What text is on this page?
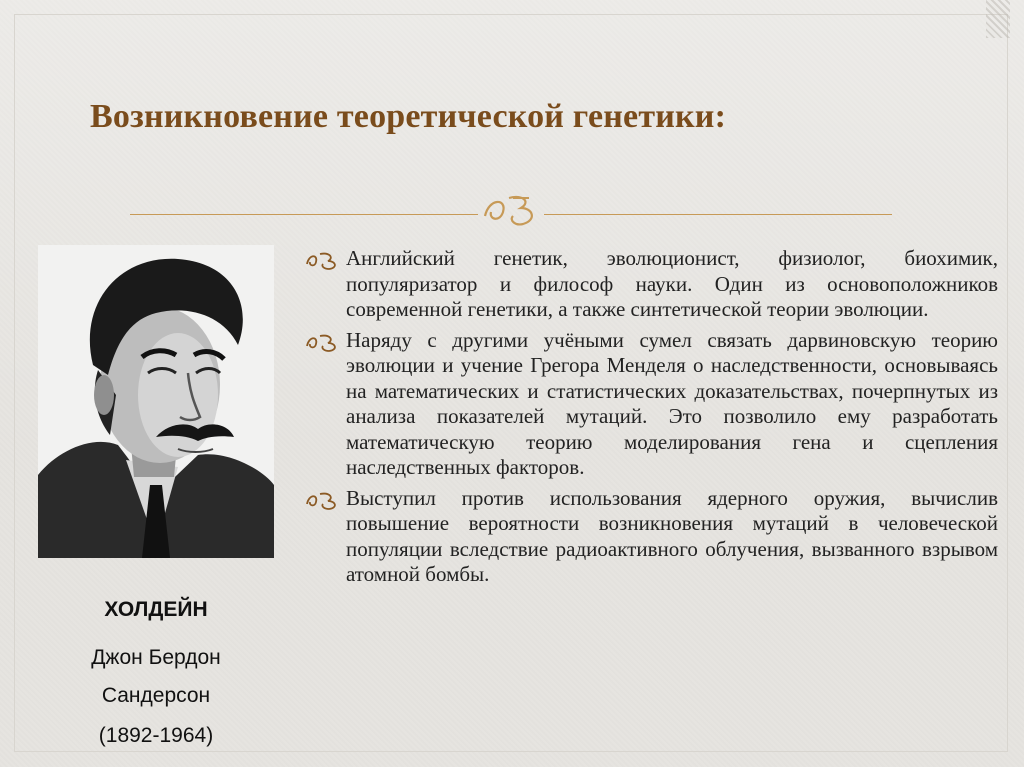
Возникновение теоретической генетики:
ХОЛДЕЙН
Джон Бердон
Сандерсон
(1892-1964)
Английский генетик, эволюционист, физиолог, биохимик, популяризатор и философ науки. Один из основоположников современной генетики, а также синтетической теории эволюции.
Наряду с другими учёными сумел связать дарвиновскую теорию эволюции и учение Грегора Менделя о наследственности, основываясь на математических и статистических доказательствах, почерпнутых из анализа показателей мутаций. Это позволило ему разработать математическую теорию моделирования гена и сцепления наследственных факторов.
Выступил против использования ядерного оружия, вычислив повышение вероятности возникновения мутаций в человеческой популяции вследствие радиоактивного облучения, вызванного взрывом атомной бомбы.
